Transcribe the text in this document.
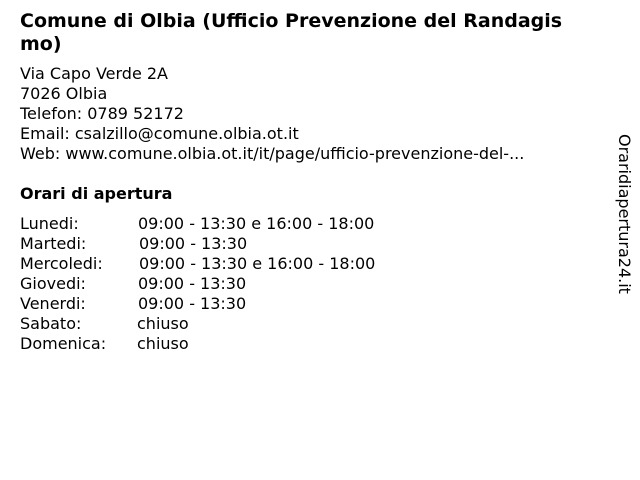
Comune di Olbia (Ufficio Prevenzione del Randagismo)
Via Capo Verde 2A
7026 Olbia
Telefon: 0789 52172
Email: csalzillo@comune.olbia.ot.it
Web: www.comune.olbia.ot.it/it/page/ufficio-prevenzione-del-...
Orari di apertura
Lunedi:	09:00 - 13:30 e 16:00 - 18:00
Martedi:	09:00 - 13:30
Mercoledi: 09:00 - 13:30 e 16:00 - 18:00
Giovedi:	09:00 - 13:30
Venerdi:	09:00 - 13:30
Sabato:	chiuso
Domenica: chiuso
Oraridiapertura24.it
